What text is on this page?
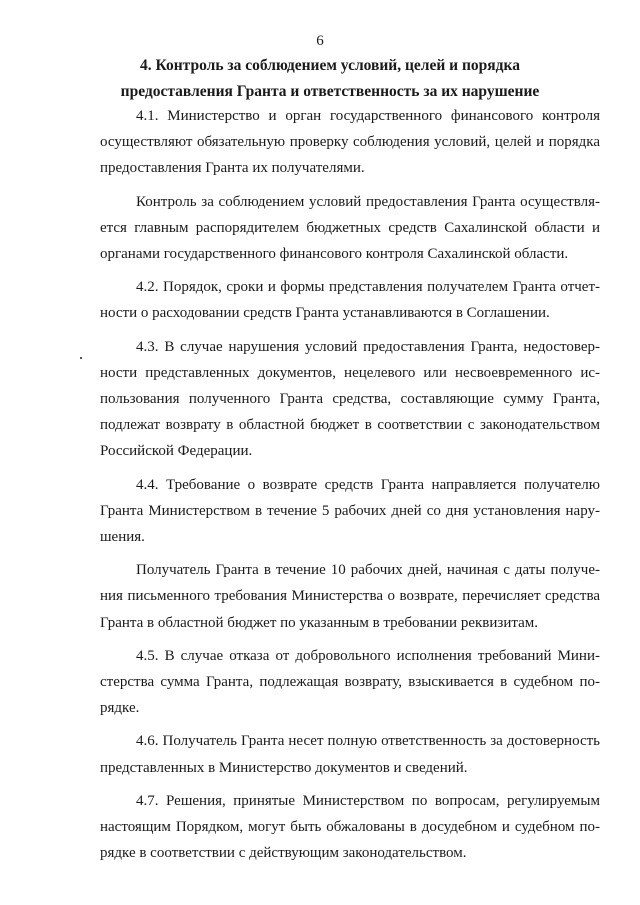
6
4. Контроль за соблюдением условий, целей и порядка
предоставления Гранта и ответственность за их нарушение

4.1. Министерство и орган государственного финансового контроля
осуществляют обязательную проверку соблюдения условий, целей и порядка
предоставления Гранта их получателями.

Контроль за соблюдением условий предоставления Гранта осуществля-
ется главным распорядителем бюджетных средств Сахалинской области и
органами государственного финансового контроля Сахалинской области.

4.2. Порядок, сроки и формы представления получателем Гранта отчет-
ности о расходовании средств Гранта устанавливаются в Соглашении.

4.3. В случае нарушения условий предоставления Гранта, недостовер-
ности представленных документов, нецелевого или несвоевременного ис-
пользования полученного Гранта средства, составляющие сумму Гранта,
подлежат возврату в областной бюджет в соответствии с законодательством
Российской Федерации.

4.4. Требование о возврате средств Гранта направляется получателю
Гранта Министерством в течение 5 рабочих дней со дня установления нару-
шения.

Получатель Гранта в течение 10 рабочих дней, начиная с даты получе-
ния письменного требования Министерства о возврате, перечисляет средства
Гранта в областной бюджет по указанным в требовании реквизитам.

4.5. В случае отказа от добровольного исполнения требований Мини-
стерства сумма Гранта, подлежащая возврату, взыскивается в судебном по-
рядке.

4.6. Получатель Гранта несет полную ответственность за достоверность
представленных в Министерство документов и сведений.

4.7. Решения, принятые Министерством по вопросам, регулируемым
настоящим Порядком, могут быть обжалованы в досудебном и судебном по-
рядке в соответствии с действующим законодательством.
